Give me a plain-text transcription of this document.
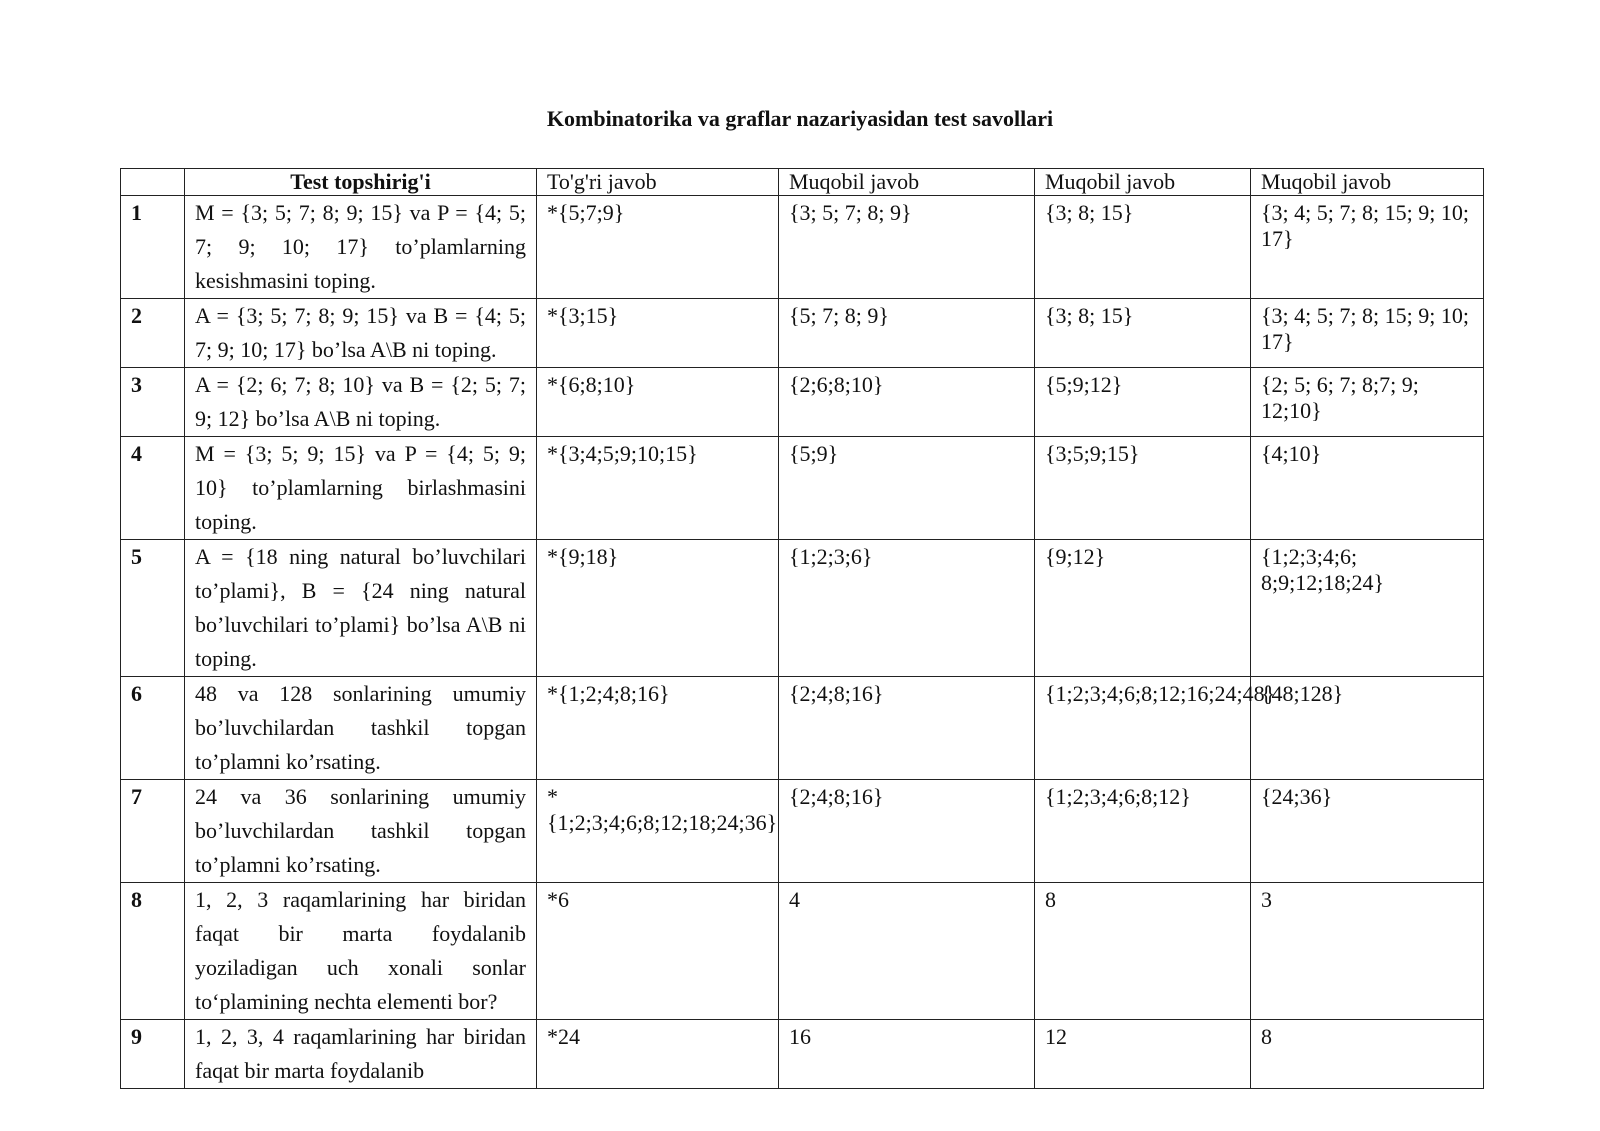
Kombinatorika va graflar nazariyasidan test savollari
	Test topshirig'i	To'g'ri javob	Muqobil javob	Muqobil javob	Muqobil javob
1	M = {3; 5; 7; 8; 9; 15} va P = {4; 5; 7; 9; 10; 17} to’plamlarning kesishmasini toping.	*{5;7;9}	{3; 5; 7; 8; 9}	{3; 8; 15}	{3; 4; 5; 7; 8; 15; 9; 10; 17}
2	A = {3; 5; 7; 8; 9; 15} va B = {4; 5; 7; 9; 10; 17} bo’lsa A\B ni toping.	*{3;15}	{5; 7; 8; 9}	{3; 8; 15}	{3; 4; 5; 7; 8; 15; 9; 10; 17}
3	A = {2; 6; 7; 8; 10} va B = {2; 5; 7; 9; 12} bo’lsa A\B ni toping.	*{6;8;10}	{2;6;8;10}	{5;9;12}	{2; 5; 6; 7; 8;7; 9; 12;10}
4	M = {3; 5; 9; 15} va P = {4; 5; 9; 10} to’plamlarning birlashmasini toping.	*{3;4;5;9;10;15}	{5;9}	{3;5;9;15}	{4;10}
5	A = {18 ning natural bo’luvchilari to’plami}, B = {24 ning natural bo’luvchilari to’plami} bo’lsa A\B ni toping.	*{9;18}	{1;2;3;6}	{9;12}	{1;2;3;4;6; 8;9;12;18;24}
6	48 va 128 sonlarining umumiy bo’luvchilardan tashkil topgan to’plamni ko’rsating.	*{1;2;4;8;16}	{2;4;8;16}	{1;2;3;4;6;8;12;16;24;48}	{48;128}
7	24 va 36 sonlarining umumiy bo’luvchilardan tashkil topgan to’plamni ko’rsating.	*{1;2;3;4;6;8;12;18;24;36}	{2;4;8;16}	{1;2;3;4;6;8;12}	{24;36}
8	1, 2, 3 raqamlarining har biridan faqat bir marta foydalanib yoziladigan uch xonali sonlar to‘plamining nechta elementi bor?	*6	4	8	3
9	1, 2, 3, 4 raqamlarining har biridan faqat bir marta foydalanib	*24	16	12	8
